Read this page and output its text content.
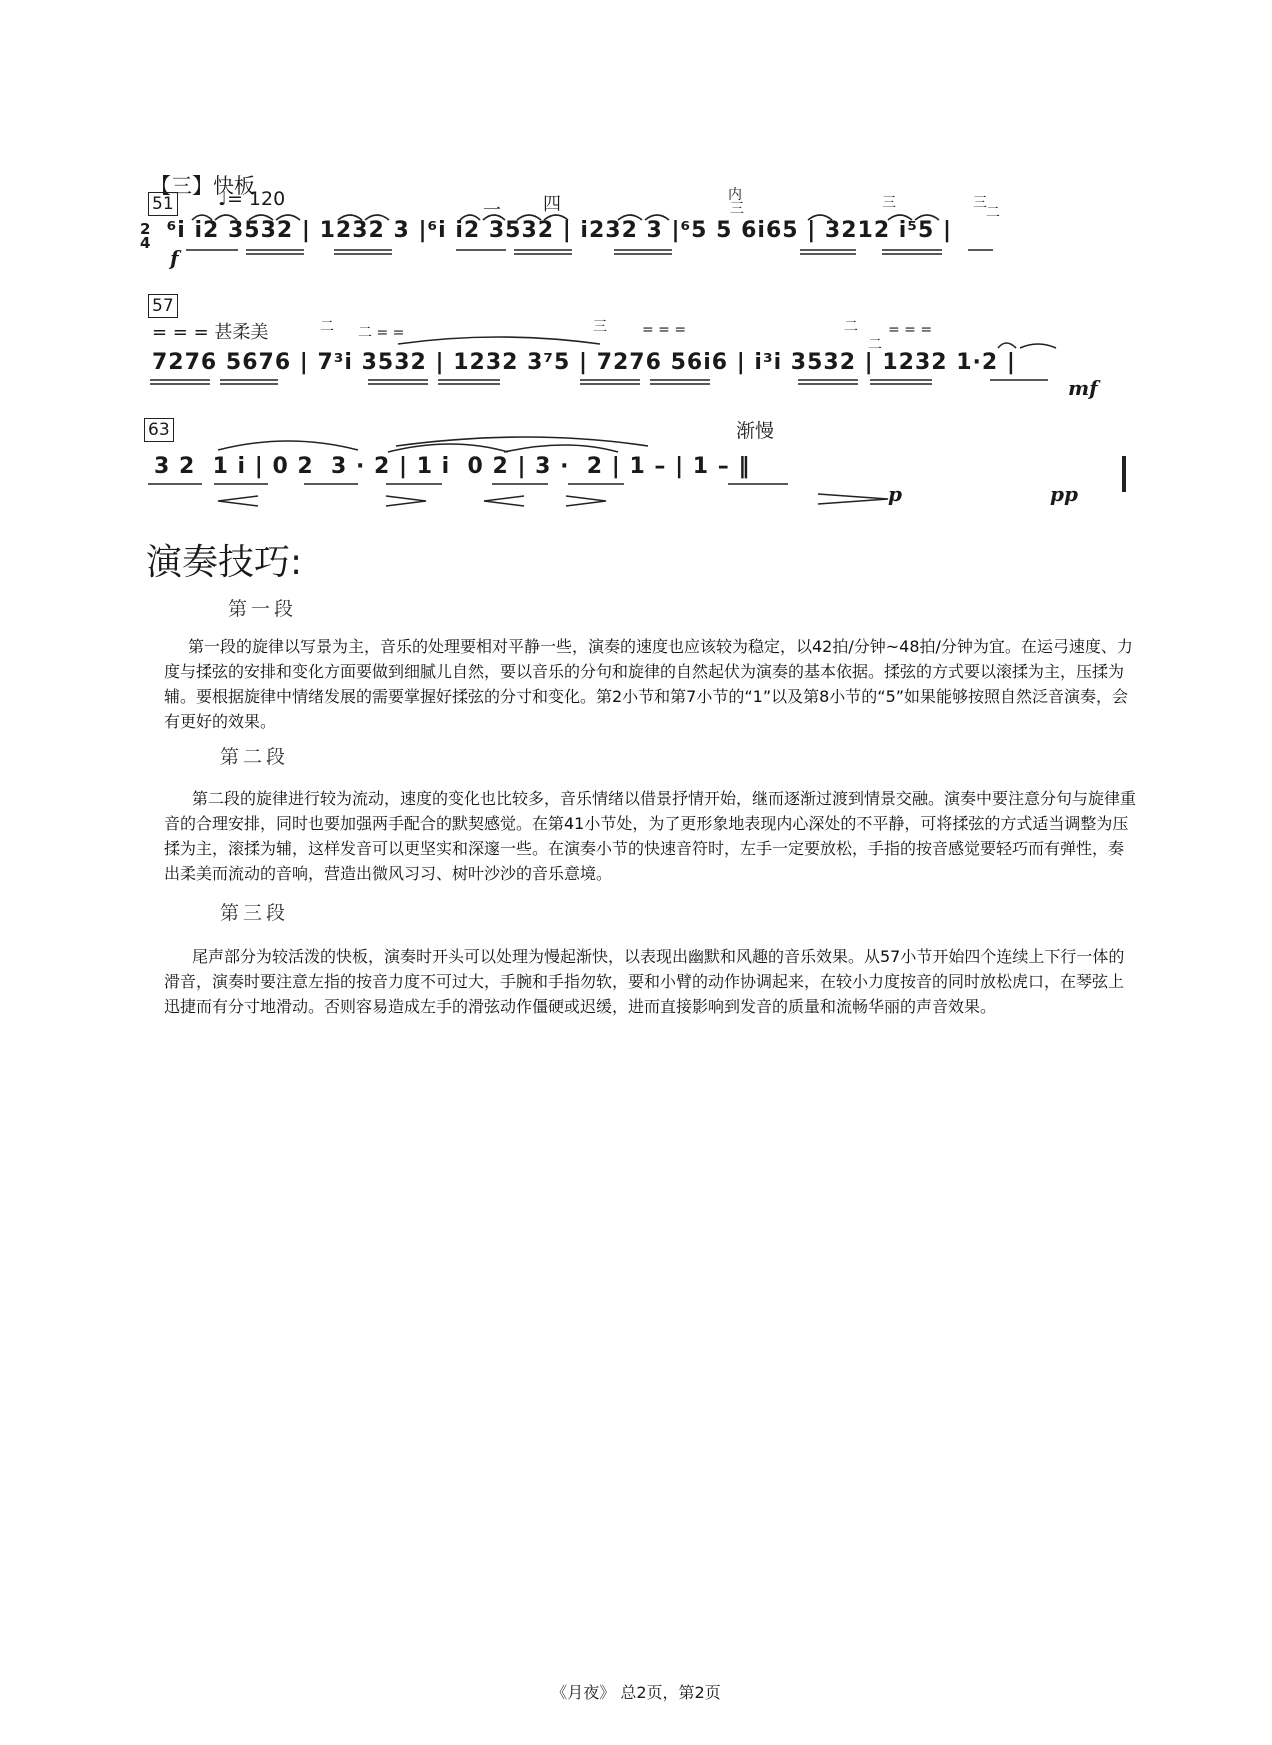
【三】快板
51 ♩= 120
2
4 ⁶i i2 3532 | 1232 3 |⁶i i2 3532 | i232 3 |⁶5 5 6i65 | 3212 i⁵5 |
一 四	内
三	三	三
二
f
57
= = = 甚柔美	二 二 = =	三	= = =	二 = = =
二
7276 5676 | 7³i 3532 | 1232 3⁷5 | 7276 56i6 | i³i 3532 | 1232 1·2 |
mf
63	渐慢
3 2  1 i | 0 2  3 · 2 | 1 i  0 2 | 3 ·  2 | 1 – | 1 – ‖
p	pp
演奏技巧:
第一段
第一段的旋律以写景为主，音乐的处理要相对平静一些，演奏的速度也应该较为稳定，以42拍/分钟~48拍/分钟为宜。在运弓速度、力度与揉弦的安排和变化方面要做到细腻儿自然，要以音乐的分句和旋律的自然起伏为演奏的基本依据。揉弦的方式要以滚揉为主，压揉为辅。要根据旋律中情绪发展的需要掌握好揉弦的分寸和变化。第2小节和第7小节的“1”以及第8小节的“5”如果能够按照自然泛音演奏，会有更好的效果。
第二段
第二段的旋律进行较为流动，速度的变化也比较多，音乐情绪以借景抒情开始，继而逐渐过渡到情景交融。演奏中要注意分句与旋律重音的合理安排，同时也要加强两手配合的默契感觉。在第41小节处，为了更形象地表现内心深处的不平静，可将揉弦的方式适当调整为压揉为主，滚揉为辅，这样发音可以更坚实和深邃一些。在演奏小节的快速音符时，左手一定要放松，手指的按音感觉要轻巧而有弹性，奏出柔美而流动的音响，营造出微风习习、树叶沙沙的音乐意境。
第三段
尾声部分为较活泼的快板，演奏时开头可以处理为慢起渐快，以表现出幽默和风趣的音乐效果。从57小节开始四个连续上下行一体的滑音，演奏时要注意左指的按音力度不可过大，手腕和手指勿软，要和小臂的动作协调起来，在较小力度按音的同时放松虎口，在琴弦上迅捷而有分寸地滑动。否则容易造成左手的滑弦动作僵硬或迟缓，进而直接影响到发音的质量和流畅华丽的声音效果。
《月夜》 总2页，第2页
